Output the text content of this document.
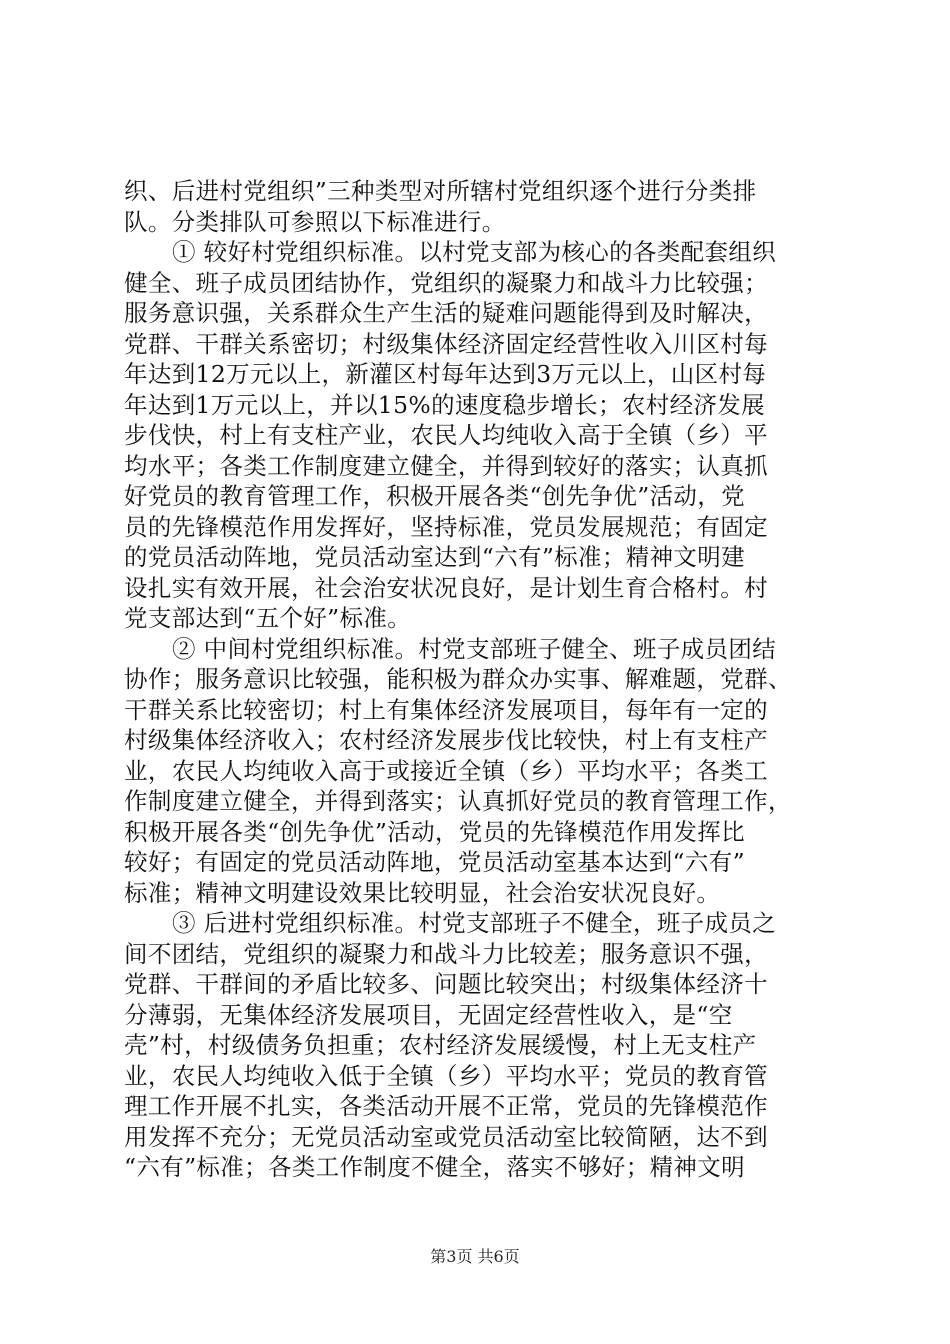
织、后进村党组织”三种类型对所辖村党组织逐个进行分类排
队。分类排队可参照以下标准进行。
① 较好村党组织标准。以村党支部为核心的各类配套组织
健全、班子成员团结协作，党组织的凝聚力和战斗力比较强；
服务意识强，关系群众生产生活的疑难问题能得到及时解决，
党群、干群关系密切；村级集体经济固定经营性收入川区村每
年达到12万元以上，新灌区村每年达到3万元以上，山区村每
年达到1万元以上，并以15%的速度稳步增长；农村经济发展
步伐快，村上有支柱产业，农民人均纯收入高于全镇（乡）平
均水平；各类工作制度建立健全，并得到较好的落实；认真抓
好党员的教育管理工作，积极开展各类“创先争优”活动，党
员的先锋模范作用发挥好，坚持标准，党员发展规范；有固定
的党员活动阵地，党员活动室达到“六有”标准；精神文明建
设扎实有效开展，社会治安状况良好，是计划生育合格村。村
党支部达到“五个好”标准。
② 中间村党组织标准。村党支部班子健全、班子成员团结
协作；服务意识比较强，能积极为群众办实事、解难题，党群、
干群关系比较密切；村上有集体经济发展项目，每年有一定的
村级集体经济收入；农村经济发展步伐比较快，村上有支柱产
业，农民人均纯收入高于或接近全镇（乡）平均水平；各类工
作制度建立健全，并得到落实；认真抓好党员的教育管理工作，
积极开展各类“创先争优”活动，党员的先锋模范作用发挥比
较好；有固定的党员活动阵地，党员活动室基本达到“六有”
标准；精神文明建设效果比较明显，社会治安状况良好。
③ 后进村党组织标准。村党支部班子不健全，班子成员之
间不团结，党组织的凝聚力和战斗力比较差；服务意识不强，
党群、干群间的矛盾比较多、问题比较突出；村级集体经济十
分薄弱，无集体经济发展项目，无固定经营性收入，是“空
壳”村，村级债务负担重；农村经济发展缓慢，村上无支柱产
业，农民人均纯收入低于全镇（乡）平均水平；党员的教育管
理工作开展不扎实，各类活动开展不正常，党员的先锋模范作
用发挥不充分；无党员活动室或党员活动室比较简陋，达不到
“六有”标准；各类工作制度不健全，落实不够好；精神文明
第3页 共6页
